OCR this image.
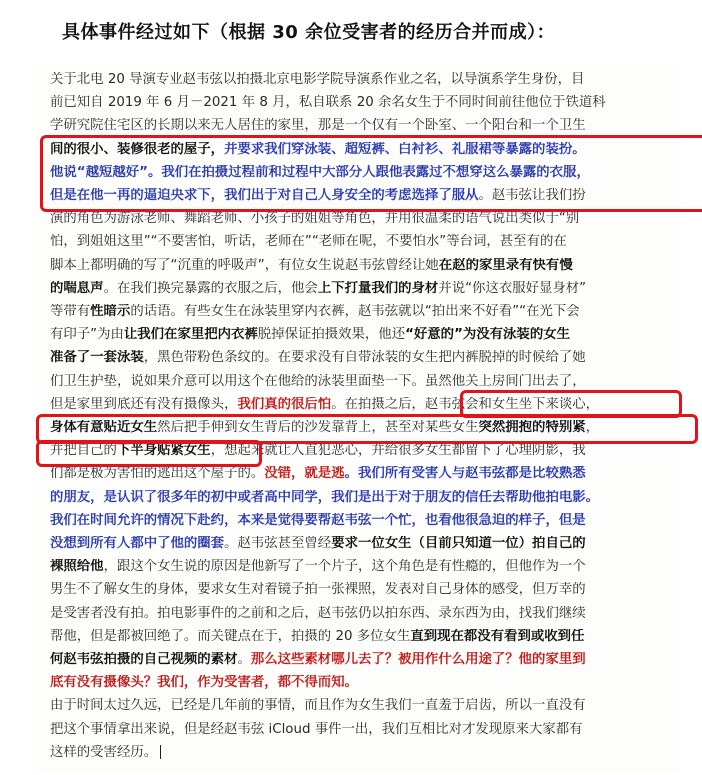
具体事件经过如下（根据 30 余位受害者的经历合并而成）：
关于北电 20 导演专业赵韦弦以拍摄北京电影学院导演系作业之名，以导演系学生身份，目
前已知自 2019 年 6 月－2021 年 8 月，私自联系 20 余名女生于不同时间前往他位于铁道科
学研究院住宅区的长期以来无人居住的家里，那是一个仅有一个卧室、一个阳台和一个卫生
间的很小、装修很老的屋子，并要求我们穿泳装、超短裤、白衬衫、礼服裙等暴露的装扮。
他说“越短越好”。我们在拍摄过程前和过程中大部分人跟他表露过不想穿这么暴露的衣服，
但是在他一再的逼迫央求下，我们出于对自己人身安全的考虑选择了服从。赵韦弦让我们扮
演的角色为游泳老师、舞蹈老师、小孩子的姐姐等角色，并用很温柔的语气说出类似于“别
怕，到姐姐这里”“不要害怕，听话，老师在”“老师在呢，不要怕水”等台词，甚至有的在
脚本上都明确的写了“沉重的呼吸声”，有位女生说赵韦弦曾经让她在赵的家里录有快有慢
的喘息声。在我们换完暴露的衣服之后，他会上下打量我们的身材并说“你这衣服好显身材”
等带有性暗示的话语。有些女生在泳装里穿内衣裤，赵韦弦就以“拍出来不好看”“在光下会
有印子”为由让我们在家里把内衣裤脱掉保证拍摄效果，他还“好意的”为没有泳装的女生
准备了一套泳装，黑色带粉色条纹的。在要求没有自带泳装的女生把内裤脱掉的时候给了她
们卫生护垫，说如果介意可以用这个在他给的泳装里面垫一下。虽然他关上房间门出去了，
但是家里到底还有没有摄像头，我们真的很后怕。在拍摄之后，赵韦弦会和女生坐下来谈心，
身体有意贴近女生然后把手伸到女生背后的沙发靠背上，甚至对某些女生突然拥抱的特别紧，
并把自己的下半身贴紧女生，想起来就让人直犯恶心，并给很多女生都留下了心理阴影，我
们都是极为害怕的逃出这个屋子的。没错，就是逃。我们所有受害人与赵韦弦都是比较熟悉
的朋友，是认识了很多年的初中或者高中同学，我们是出于对于朋友的信任去帮助他拍电影。
我们在时间允许的情况下赴约，本来是觉得要帮赵韦弦一个忙，也看他很急迫的样子，但是
没想到所有人都中了他的圈套。赵韦弦甚至曾经要求一位女生（目前只知道一位）拍自己的
裸照给他，跟这个女生说的原因是他新写了一个片子，这个角色是有性瘾的，但他作为一个
男生不了解女生的身体，要求女生对着镜子拍一张裸照，发表对自己身体的感受，但万幸的
是受害者没有拍。拍电影事件的之前和之后，赵韦弦仍以拍东西、录东西为由，找我们继续
帮他，但是都被回绝了。而关键点在于，拍摄的 20 多位女生直到现在都没有看到或收到任
何赵韦弦拍摄的自己视频的素材。那么这些素材哪儿去了？被用作什么用途了？他的家里到
底有没有摄像头？我们，作为受害者，都不得而知。
由于时间太过久远，已经是几年前的事情，而且作为女生我们一直羞于启齿，所以一直没有
把这个事情拿出来说，但是经赵韦弦 iCloud 事件一出，我们互相比对才发现原来大家都有
这样的受害经历。
